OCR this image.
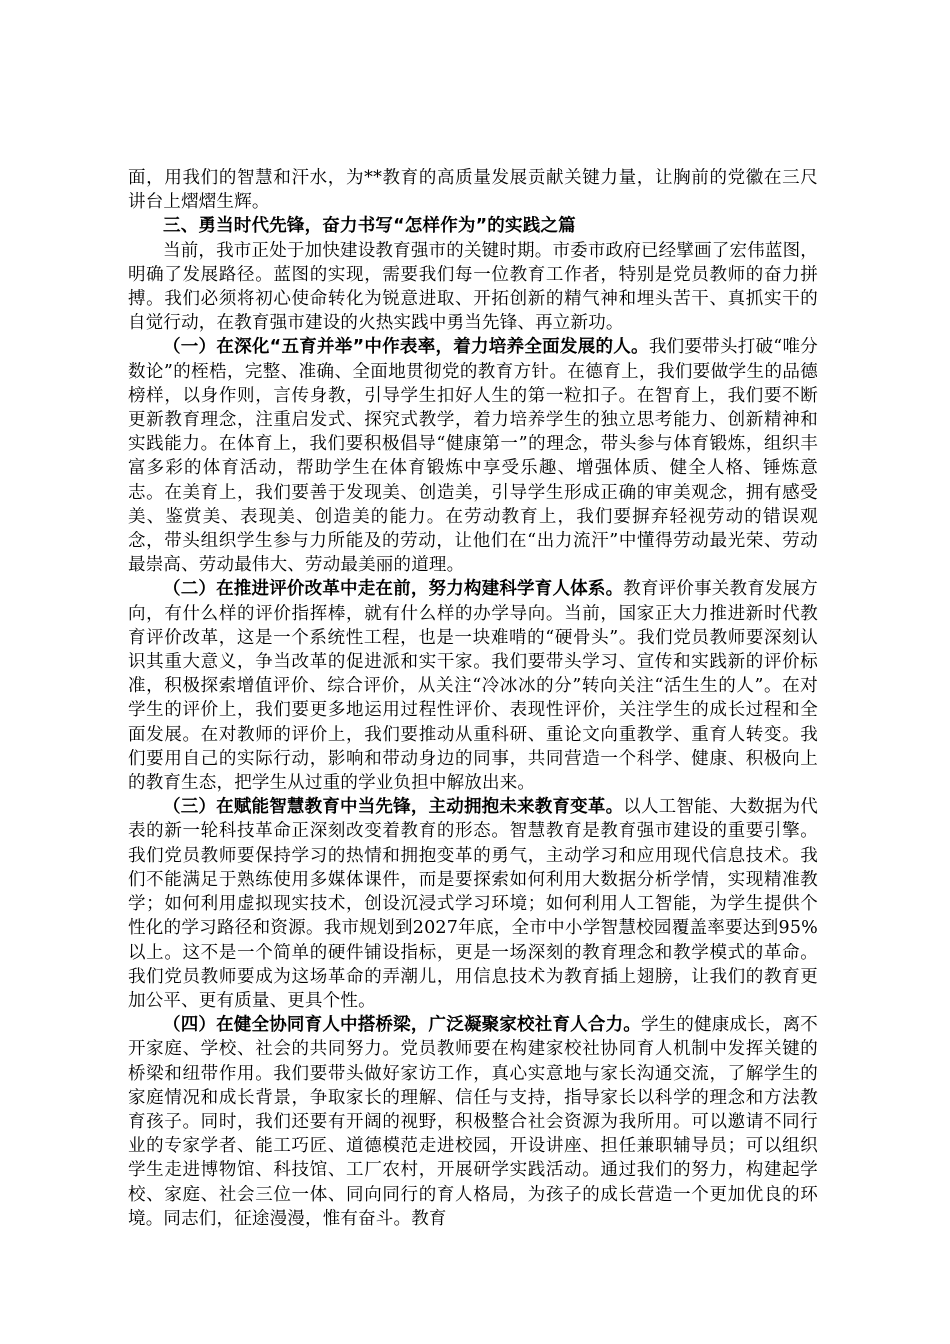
面，用我们的智慧和汗水，为**教育的高质量发展贡献关键力量，让胸前的党徽在三尺讲台上熠熠生辉。

三、勇当时代先锋，奋力书写“怎样作为”的实践之篇

当前，我市正处于加快建设教育强市的关键时期。市委市政府已经擘画了宏伟蓝图，明确了发展路径。蓝图的实现，需要我们每一位教育工作者，特别是党员教师的奋力拼搏。我们必须将初心使命转化为锐意进取、开拓创新的精气神和埋头苦干、真抓实干的自觉行动，在教育强市建设的火热实践中勇当先锋、再立新功。

（一）在深化“五育并举”中作表率，着力培养全面发展的人。我们要带头打破“唯分数论”的桎梏，完整、准确、全面地贯彻党的教育方针。在德育上，我们要做学生的品德榜样，以身作则，言传身教，引导学生扣好人生的第一粒扣子。在智育上，我们要不断更新教育理念，注重启发式、探究式教学，着力培养学生的独立思考能力、创新精神和实践能力。在体育上，我们要积极倡导“健康第一”的理念，带头参与体育锻炼，组织丰富多彩的体育活动，帮助学生在体育锻炼中享受乐趣、增强体质、健全人格、锤炼意志。在美育上，我们要善于发现美、创造美，引导学生形成正确的审美观念，拥有感受美、鉴赏美、表现美、创造美的能力。在劳动教育上，我们要摒弃轻视劳动的错误观念，带头组织学生参与力所能及的劳动，让他们在“出力流汗”中懂得劳动最光荣、劳动最崇高、劳动最伟大、劳动最美丽的道理。

（二）在推进评价改革中走在前，努力构建科学育人体系。教育评价事关教育发展方向，有什么样的评价指挥棒，就有什么样的办学导向。当前，国家正大力推进新时代教育评价改革，这是一个系统性工程，也是一块难啃的“硬骨头”。我们党员教师要深刻认识其重大意义，争当改革的促进派和实干家。我们要带头学习、宣传和实践新的评价标准，积极探索增值评价、综合评价，从关注“冷冰冰的分”转向关注“活生生的人”。在对学生的评价上，我们要更多地运用过程性评价、表现性评价，关注学生的成长过程和全面发展。在对教师的评价上，我们要推动从重科研、重论文向重教学、重育人转变。我们要用自己的实际行动，影响和带动身边的同事，共同营造一个科学、健康、积极向上的教育生态，把学生从过重的学业负担中解放出来。

（三）在赋能智慧教育中当先锋，主动拥抱未来教育变革。以人工智能、大数据为代表的新一轮科技革命正深刻改变着教育的形态。智慧教育是教育强市建设的重要引擎。我们党员教师要保持学习的热情和拥抱变革的勇气，主动学习和应用现代信息技术。我们不能满足于熟练使用多媒体课件，而是要探索如何利用大数据分析学情，实现精准教学；如何利用虚拟现实技术，创设沉浸式学习环境；如何利用人工智能，为学生提供个性化的学习路径和资源。我市规划到2027年底，全市中小学智慧校园覆盖率要达到95%以上。这不是一个简单的硬件铺设指标，更是一场深刻的教育理念和教学模式的革命。我们党员教师要成为这场革命的弄潮儿，用信息技术为教育插上翅膀，让我们的教育更加公平、更有质量、更具个性。

（四）在健全协同育人中搭桥梁，广泛凝聚家校社育人合力。学生的健康成长，离不开家庭、学校、社会的共同努力。党员教师要在构建家校社协同育人机制中发挥关键的桥梁和纽带作用。我们要带头做好家访工作，真心实意地与家长沟通交流，了解学生的家庭情况和成长背景，争取家长的理解、信任与支持，指导家长以科学的理念和方法教育孩子。同时，我们还要有开阔的视野，积极整合社会资源为我所用。可以邀请不同行业的专家学者、能工巧匠、道德模范走进校园，开设讲座、担任兼职辅导员；可以组织学生走进博物馆、科技馆、工厂农村，开展研学实践活动。通过我们的努力，构建起学校、家庭、社会三位一体、同向同行的育人格局，为孩子的成长营造一个更加优良的环境。同志们，征途漫漫，惟有奋斗。教育
